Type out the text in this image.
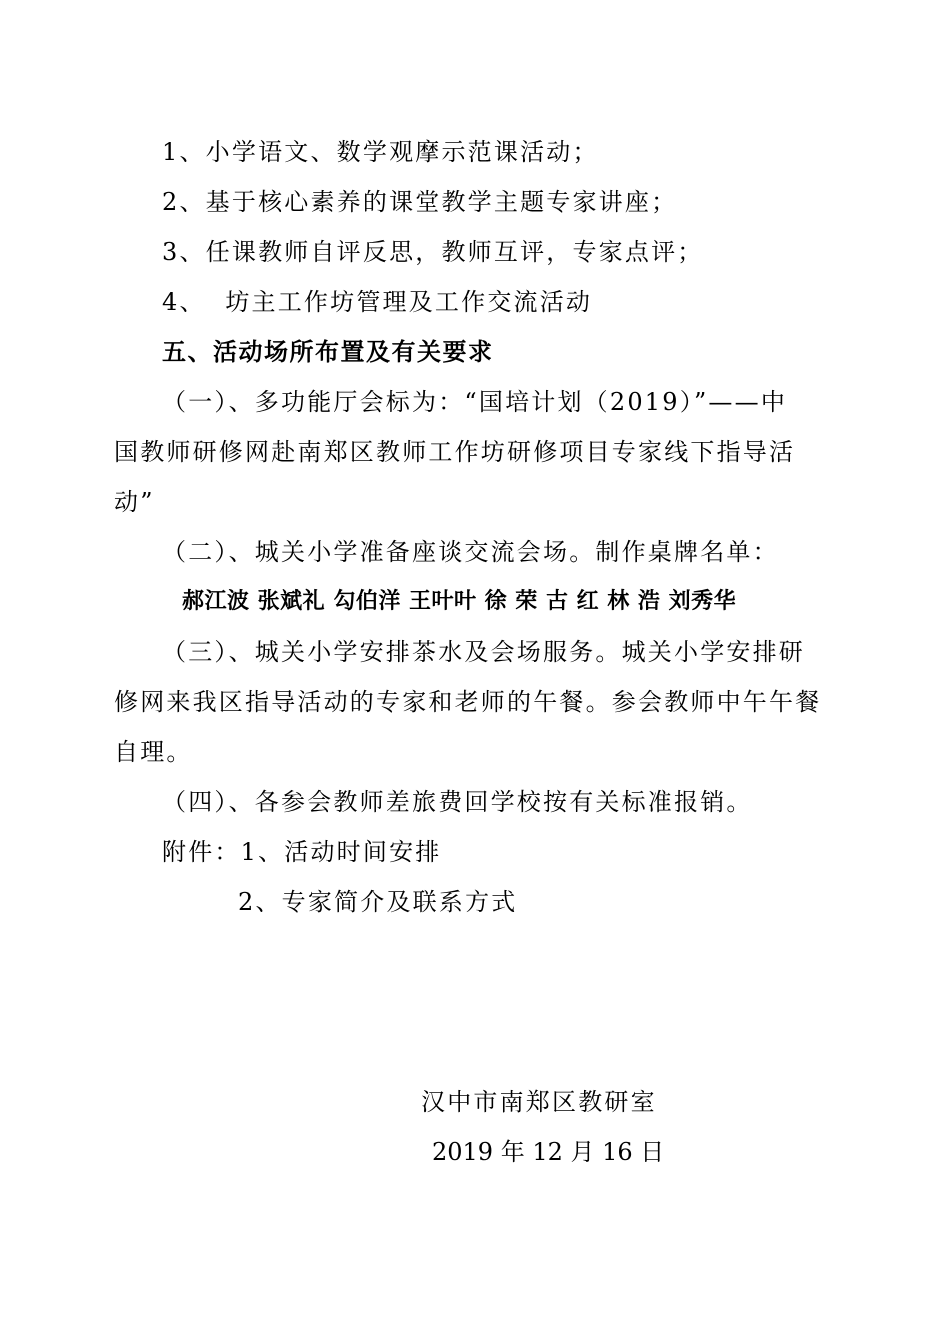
1、小学语文、数学观摩示范课活动；
2、基于核心素养的课堂教学主题专家讲座；
3、任课教师自评反思，教师互评，专家点评；
4、  坊主工作坊管理及工作交流活动
五、活动场所布置及有关要求
（一）、多功能厅会标为：“国培计划（2019）”——中
国教师研修网赴南郑区教师工作坊研修项目专家线下指导活
动”
（二）、城关小学准备座谈交流会场。制作桌牌名单：
郝江波 张斌礼 勾伯洋 王叶叶 徐 荣 古 红 林 浩 刘秀华
（三）、城关小学安排茶水及会场服务。城关小学安排研
修网来我区指导活动的专家和老师的午餐。参会教师中午午餐
自理。
（四）、各参会教师差旅费回学校按有关标准报销。
附件：1、活动时间安排
2、专家简介及联系方式
汉中市南郑区教研室
2019 年 12 月 16 日
